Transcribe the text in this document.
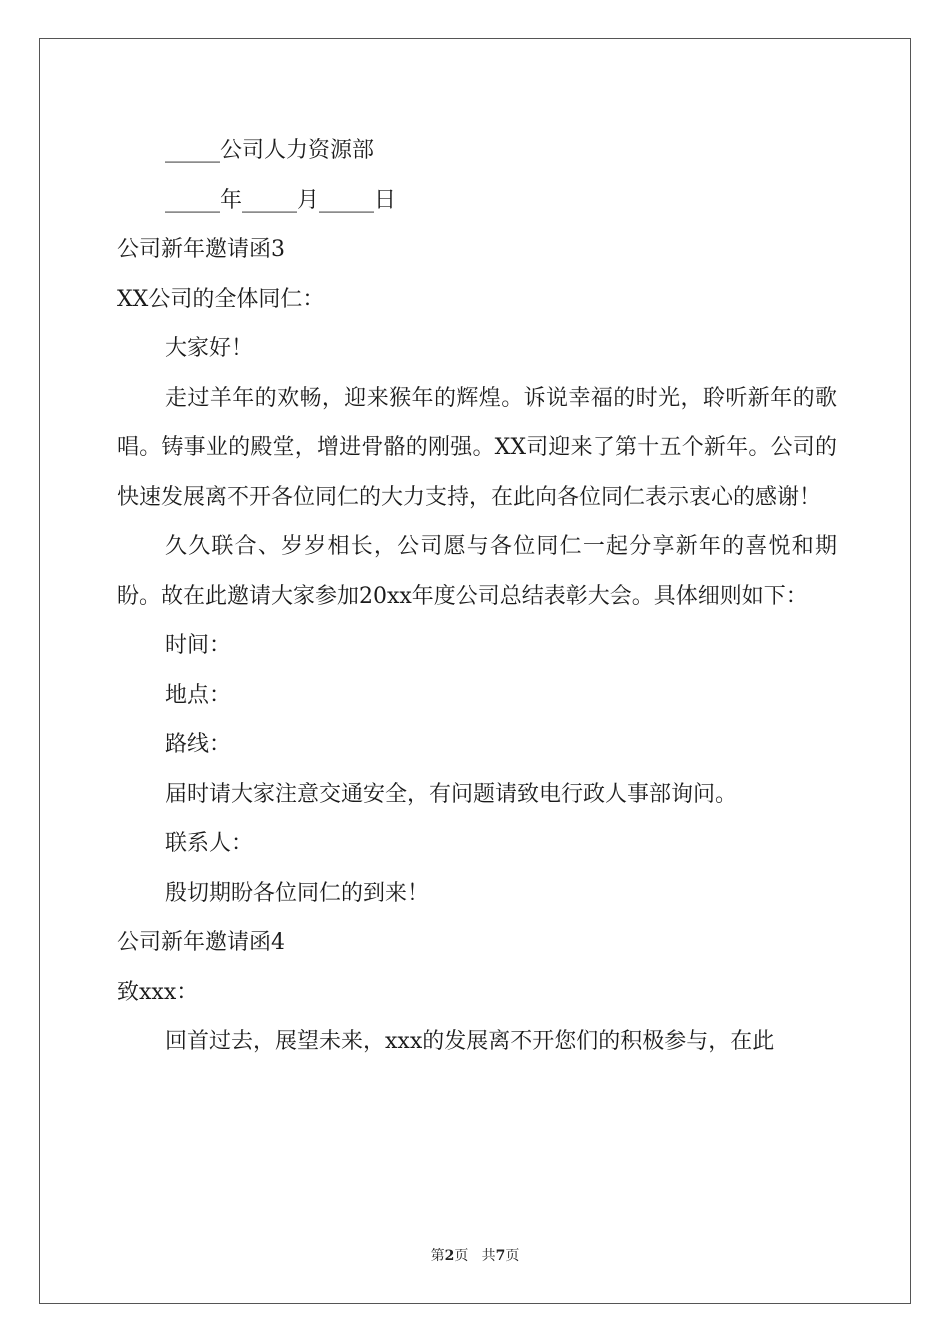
_____公司人力资源部

_____年_____月_____日

公司新年邀请函3

XX公司的全体同仁：

大家好！

走过羊年的欢畅，迎来猴年的辉煌。诉说幸福的时光，聆听新年的歌唱。铸事业的殿堂，增进骨骼的刚强。XX司迎来了第十五个新年。公司的快速发展离不开各位同仁的大力支持，在此向各位同仁表示衷心的感谢！

久久联合、岁岁相长，公司愿与各位同仁一起分享新年的喜悦和期盼。故在此邀请大家参加20xx年度公司总结表彰大会。具体细则如下：

时间：

地点：

路线：

届时请大家注意交通安全，有问题请致电行政人事部询问。

联系人：

殷切期盼各位同仁的到来！

公司新年邀请函4

致xxx：

回首过去，展望未来，xxx的发展离不开您们的积极参与，在此

第2页 共7页
